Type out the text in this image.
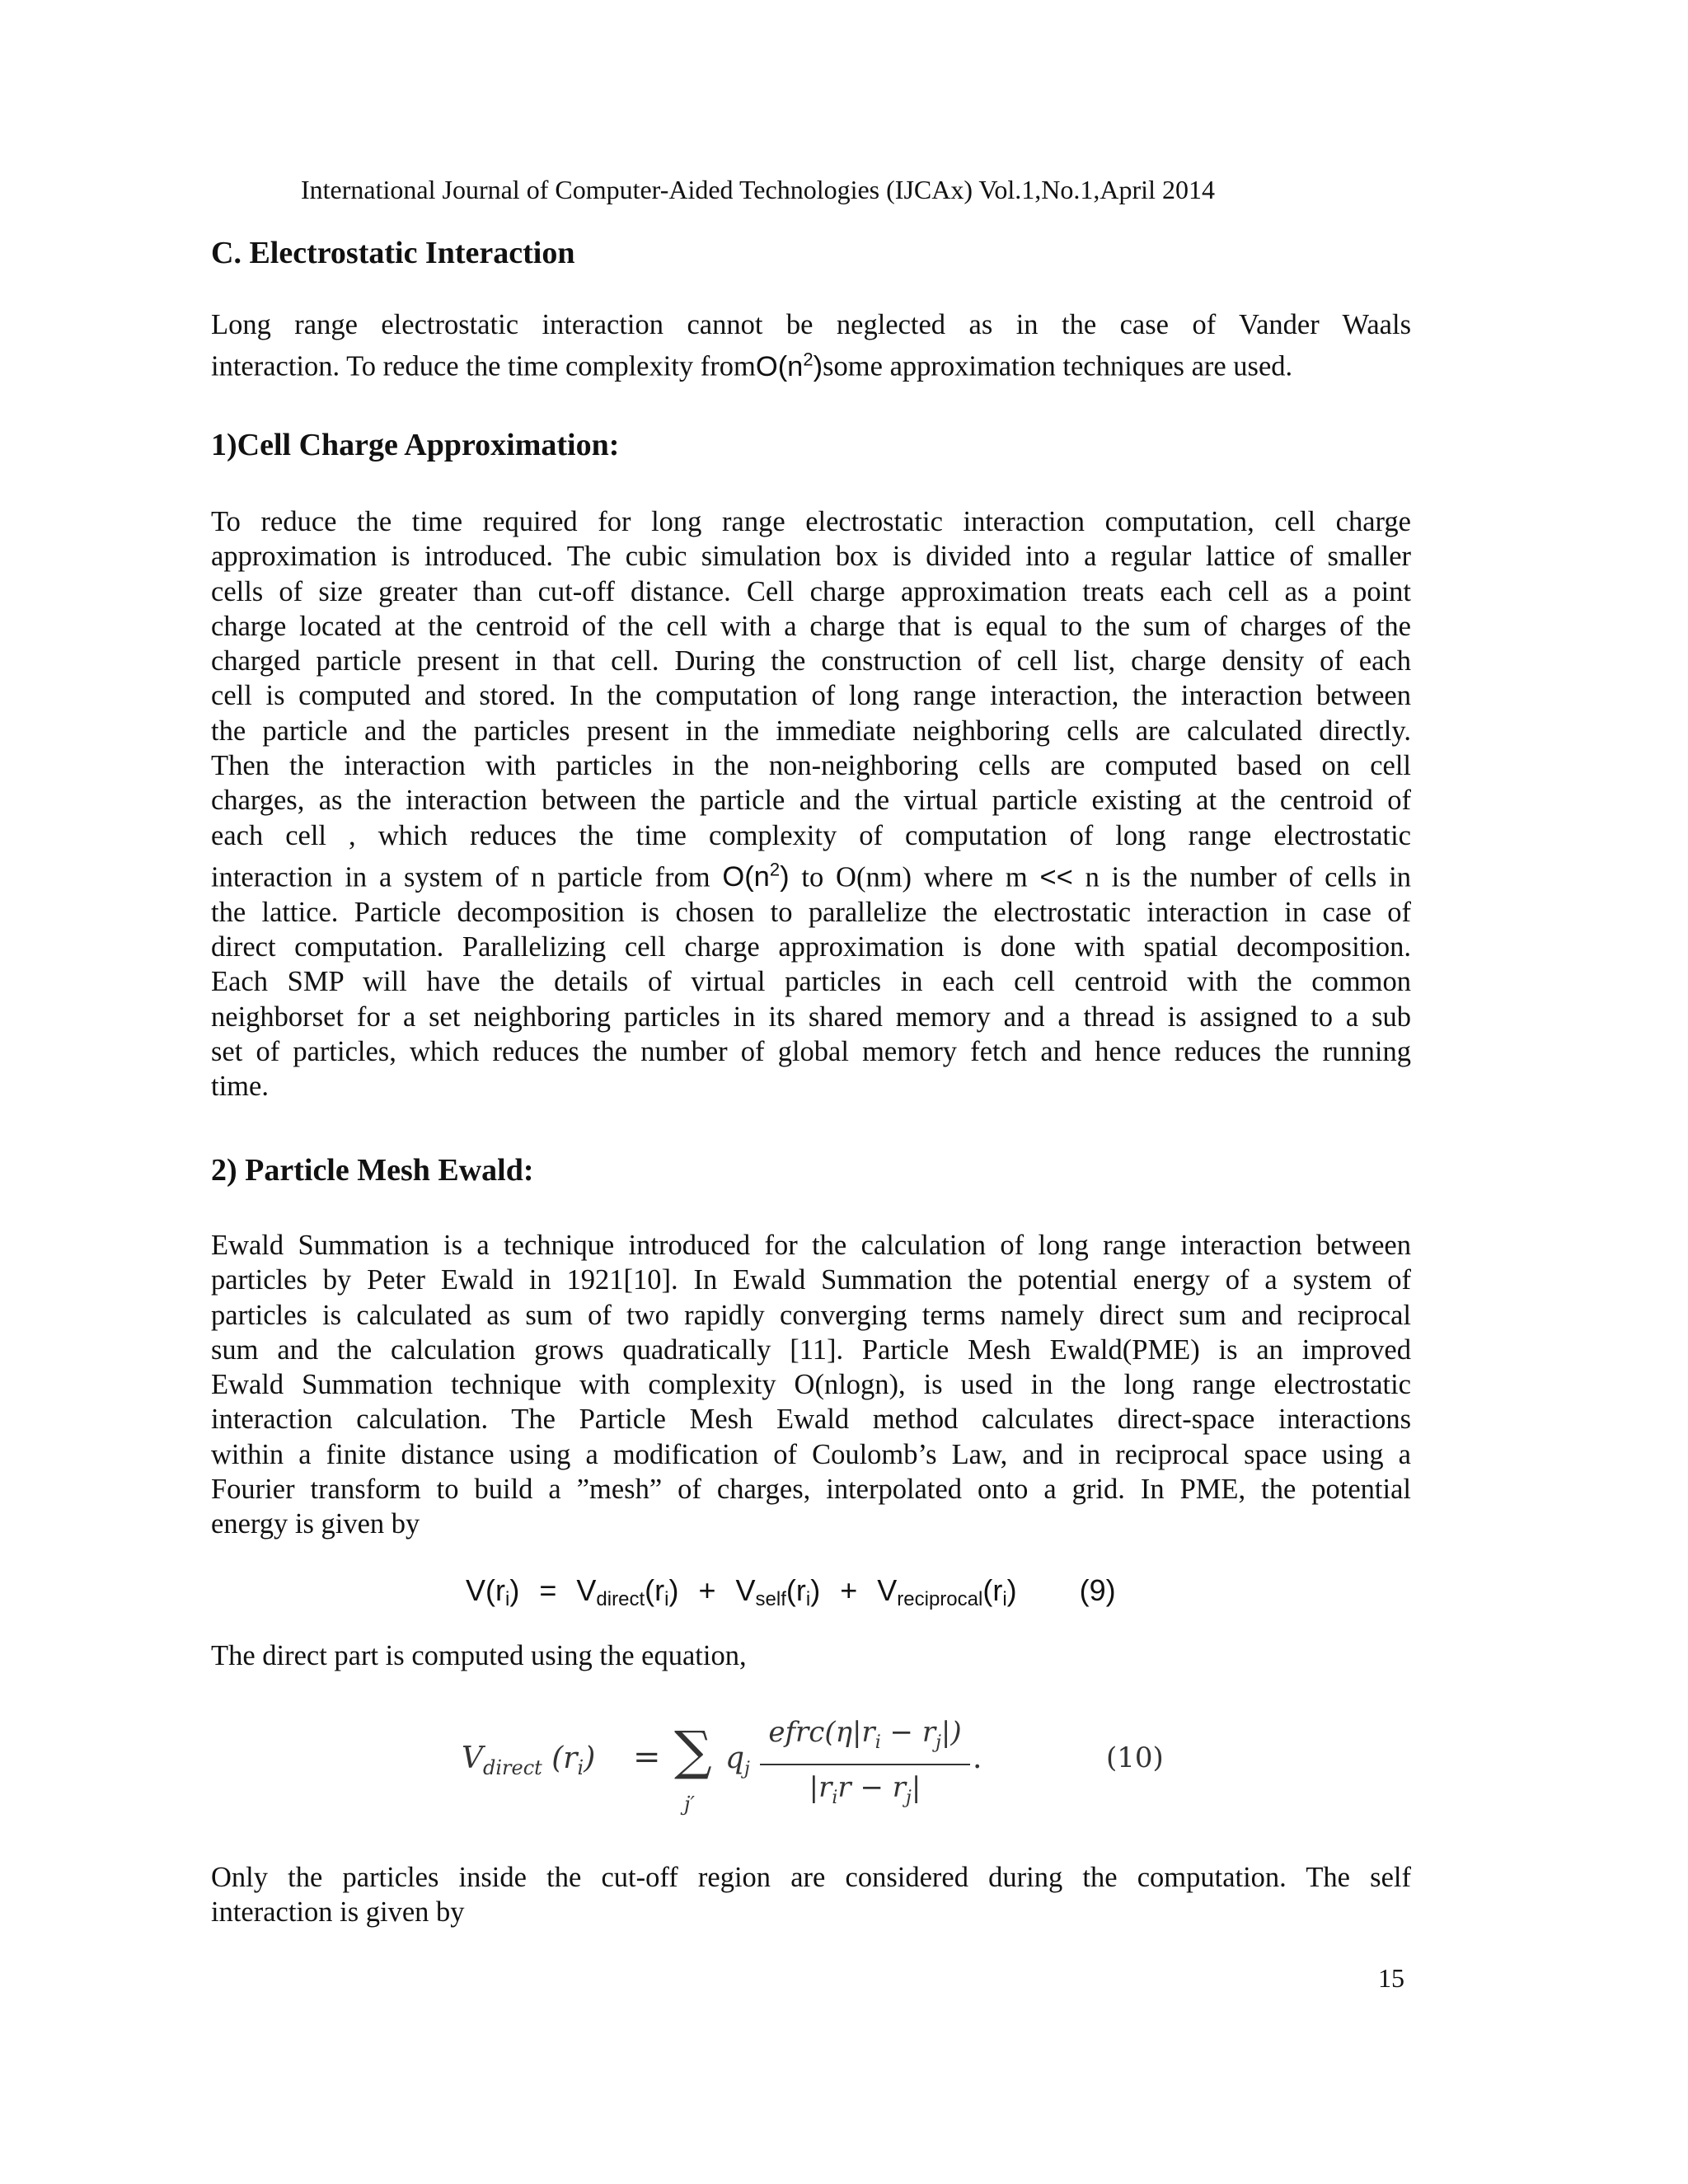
International Journal of Computer-Aided Technologies (IJCAx) Vol.1,No.1,April 2014
C. Electrostatic Interaction
Long range electrostatic interaction cannot be neglected as in the case of Vander Waals
interaction. To reduce the time complexity $fromO(n^2)some$ approximation techniques are used.
1)Cell Charge Approximation:
To reduce the time required for long range electrostatic interaction computation, cell charge
approximation is introduced. The cubic simulation box is divided into a regular lattice of smaller
cells of size greater than cut-off distance. Cell charge approximation treats each cell as a point
charge located at the centroid of the cell with a charge that is equal to the sum of charges of the
charged particle present in that cell. During the construction of cell list, charge density of each
cell is computed and stored. In the computation of long range interaction, the interaction between
the particle and the particles present in the immediate neighboring cells are calculated directly.
Then the interaction with particles in the non-neighboring cells are computed based on cell
charges, as the interaction between the particle and the virtual particle existing at the centroid of
each cell , which reduces the time complexity of computation of long range electrostatic
interaction in a system of n particle from $O(n^2)$ to O(nm) where m << n is the number of cells in
the lattice. Particle decomposition is chosen to parallelize the electrostatic interaction in case of
direct computation. Parallelizing cell charge approximation is done with spatial decomposition.
Each SMP will have the details of virtual particles in each cell centroid with the common
neighborset for a set neighboring particles in its shared memory and a thread is assigned to a sub
set of particles, which reduces the number of global memory fetch and hence reduces the running
time.
2) Particle Mesh Ewald:
Ewald Summation is a technique introduced for the calculation of long range interaction between
particles by Peter Ewald in 1921[10]. In Ewald Summation the potential energy of a system of
particles is calculated as sum of two rapidly converging terms namely direct sum and reciprocal
sum and the calculation grows quadratically [11]. Particle Mesh Ewald(PME) is an improved
Ewald Summation technique with complexity O(nlogn), is used in the long range electrostatic
interaction calculation. The Particle Mesh Ewald method calculates direct-space interactions
within a finite distance using a modification of Coulomb’s Law, and in reciprocal space using a
Fourier transform to build a ”mesh” of charges, interpolated onto a grid. In PME, the potential
energy is given by
$V(r_i) = V_{direct}(r_i) + V_{self}(r_i) + V_{reciprocal}(r_i)$ (9)
The direct part is computed using the equation,
$V_{direct}$ $(r_i)$ = ∑
j′
$q_j$
$efrc(\eta|r_i - r_j|)$
$|r_ir - r_j|$
.	(10)
Only the particles inside the cut-off region are considered during the computation. The self
interaction is given by
15
